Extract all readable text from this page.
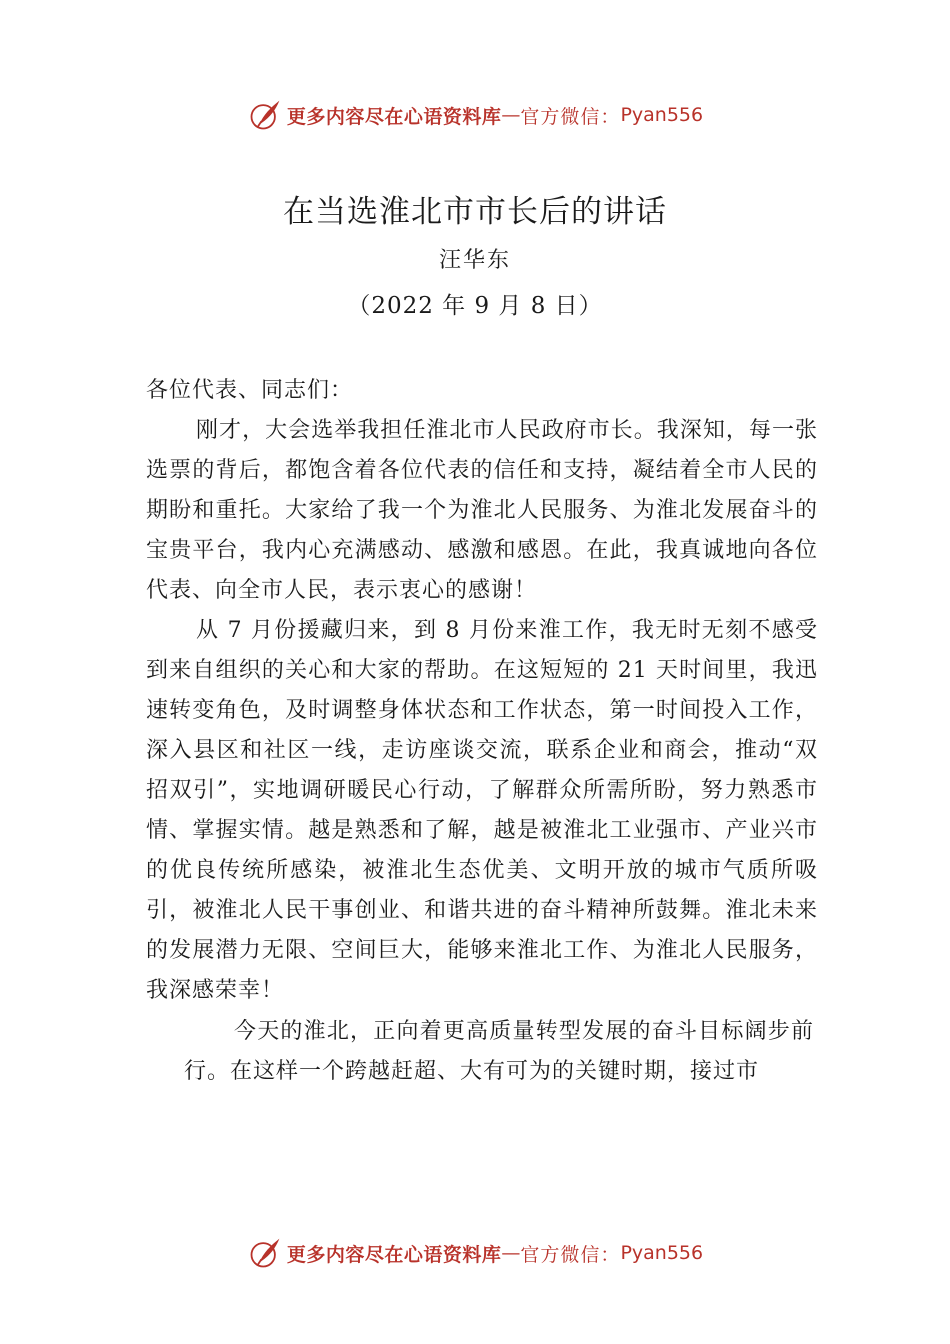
更多内容尽在心语资料库 — 官方微信： Pyan556
在当选淮北市市长后的讲话
汪华东
（2022 年 9 月 8 日）
各位代表、同志们：

刚才，大会选举我担任淮北市人民政府市长。我深知，每一张选票的背后，都饱含着各位代表的信任和支持，凝结着全市人民的期盼和重托。大家给了我一个为淮北人民服务、为淮北发展奋斗的宝贵平台，我内心充满感动、感激和感恩。在此，我真诚地向各位代表、向全市人民，表示衷心的感谢！

从 7 月份援藏归来，到 8 月份来淮工作，我无时无刻不感受到来自组织的关心和大家的帮助。在这短短的 21 天时间里，我迅速转变角色，及时调整身体状态和工作状态，第一时间投入工作，深入县区和社区一线，走访座谈交流，联系企业和商会，推动“双招双引”，实地调研暖民心行动，了解群众所需所盼，努力熟悉市情、掌握实情。越是熟悉和了解，越是被淮北工业强市、产业兴市的优良传统所感染，被淮北生态优美、文明开放的城市气质所吸引，被淮北人民干事创业、和谐共进的奋斗精神所鼓舞。淮北未来的发展潜力无限、空间巨大，能够来淮北工作、为淮北人民服务，我深感荣幸！

今天的淮北，正向着更高质量转型发展的奋斗目标阔步前行。在这样一个跨越赶超、大有可为的关键时期，接过市

更多内容尽在心语资料库 — 官方微信： Pyan556
